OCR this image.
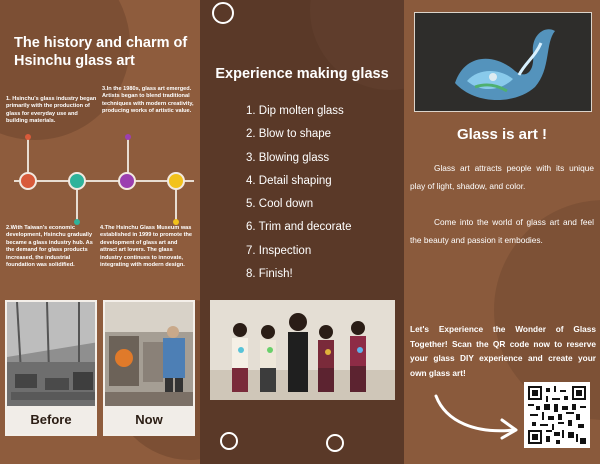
The history and charm of Hsinchu glass art
1. Hsinchu's glass industry began primarily with the production of glass for everyday use and building materials.
3.In the 1980s, glass art emerged. Artists began to blend traditional techniques with modern creativity, producing works of artistic value.
2.With Taiwan's economic development, Hsinchu gradually became a glass industry hub. As the demand for glass products increased, the industrial foundation was solidified.
4.The Hsinchu Glass Museum was established in 1999 to promote the development of glass art and attract art lovers. The glass industry continues to innovate, integrating with modern design.
Before	Now
Experience making glass
1. Dip molten glass
2. Blow to shape
3. Blowing glass
4. Detail shaping
5. Cool down
6. Trim and decorate
7. Inspection
8. Finish!
Glass is art !
Glass art attracts people with its unique play of light, shadow, and color.
Come into the world of glass art and feel the beauty and passion it embodies.
Let's Experience the Wonder of Glass Together! Scan the QR code now to reserve your glass DIY experience and create your own glass art!
